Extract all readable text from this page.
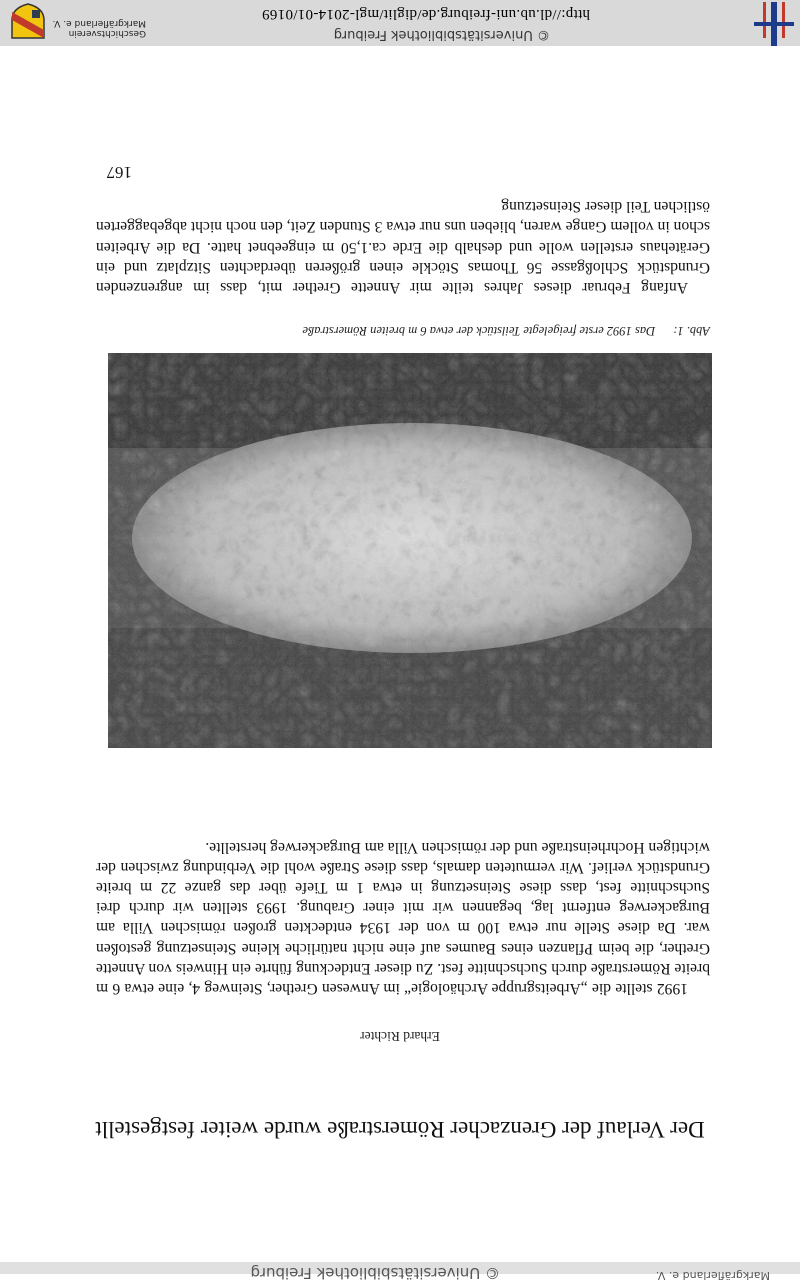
© Universitätsbibliothek Freiburg	Markgräflerland e. V.
Der Verlauf der Grenzacher Römerstraße wurde weiter festgestellt
Erhard Richter

1992 stellte die „Arbeitsgruppe Archäologie“ im Anwesen Grether, Steinweg 4, eine etwa 6 m breite Römerstraße durch Suchschnitte fest. Zu dieser Entdeckung führte ein Hinweis von Annette Grether, die beim Pflanzen eines Baumes auf eine nicht natürliche kleine Steinsetzung gestoßen war. Da diese Stelle nur etwa 100 m von der 1934 entdeckten großen römischen Villa am Burgackerweg entfernt lag, begannen wir mit einer Grabung. 1993 stellten wir durch drei Suchschnitte fest, dass diese Steinsetzung in etwa 1 m Tiefe über das ganze 22 m breite Grundstück verlief. Wir vermuteten damals, dass diese Straße wohl die Verbindung zwischen der wichtigen Hochrheinstraße und der römischen Villa am Burgackerweg herstellte.

Abb. 1:Das 1992 erste freigelegte Teilstück der etwa 6 m breiten Römerstraße

Anfang Februar dieses Jahres teilte mir Annette Grether mit, dass im angrenzenden Grundstück Schloßgasse 56 Thomas Stöckle einen größeren überdachten Sitzplatz und ein Gerätehaus erstellen wolle und deshalb die Erde ca.1,50 m eingeebnet hatte. Da die Arbeiten schon in vollem Gange waren, blieben uns nur etwa 3 Stunden Zeit, den noch nicht abgebaggerten östlichen Teil dieser Steinsetzung

167
http://dl.ub.uni-freiburg.de/diglit/mgl-2014-01/0169
© Universitätsbibliothek Freiburg
Geschichtsverein
Markgräflerland e. V.
